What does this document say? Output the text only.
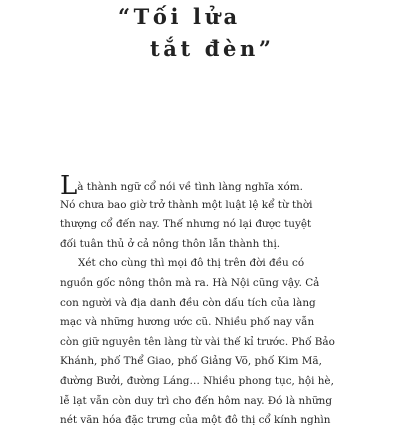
“Tối lửa
tắt đèn”

Là thành ngữ cổ nói về tình làng nghĩa xóm.
Nó chưa bao giờ trở thành một luật lệ kể từ thời
thượng cổ đến nay. Thế nhưng nó lại được tuyệt
đối tuân thủ ở cả nông thôn lẫn thành thị.

Xét cho cùng thì mọi đô thị trên đời đều có
nguồn gốc nông thôn mà ra. Hà Nội cũng vậy. Cả
con người và địa danh đều còn dấu tích của làng
mạc và những hương ước cũ. Nhiều phố nay vẫn
còn giữ nguyên tên làng từ vài thế kỉ trước. Phố Bảo
Khánh, phố Thể Giao, phố Giảng Võ, phố Kim Mã,
đường Bưởi, đường Láng… Nhiều phong tục, hội hè,
lễ lạt vẫn còn duy trì cho đến hôm nay. Đó là những
nét văn hóa đặc trưng của một đô thị cổ kính nghìn
